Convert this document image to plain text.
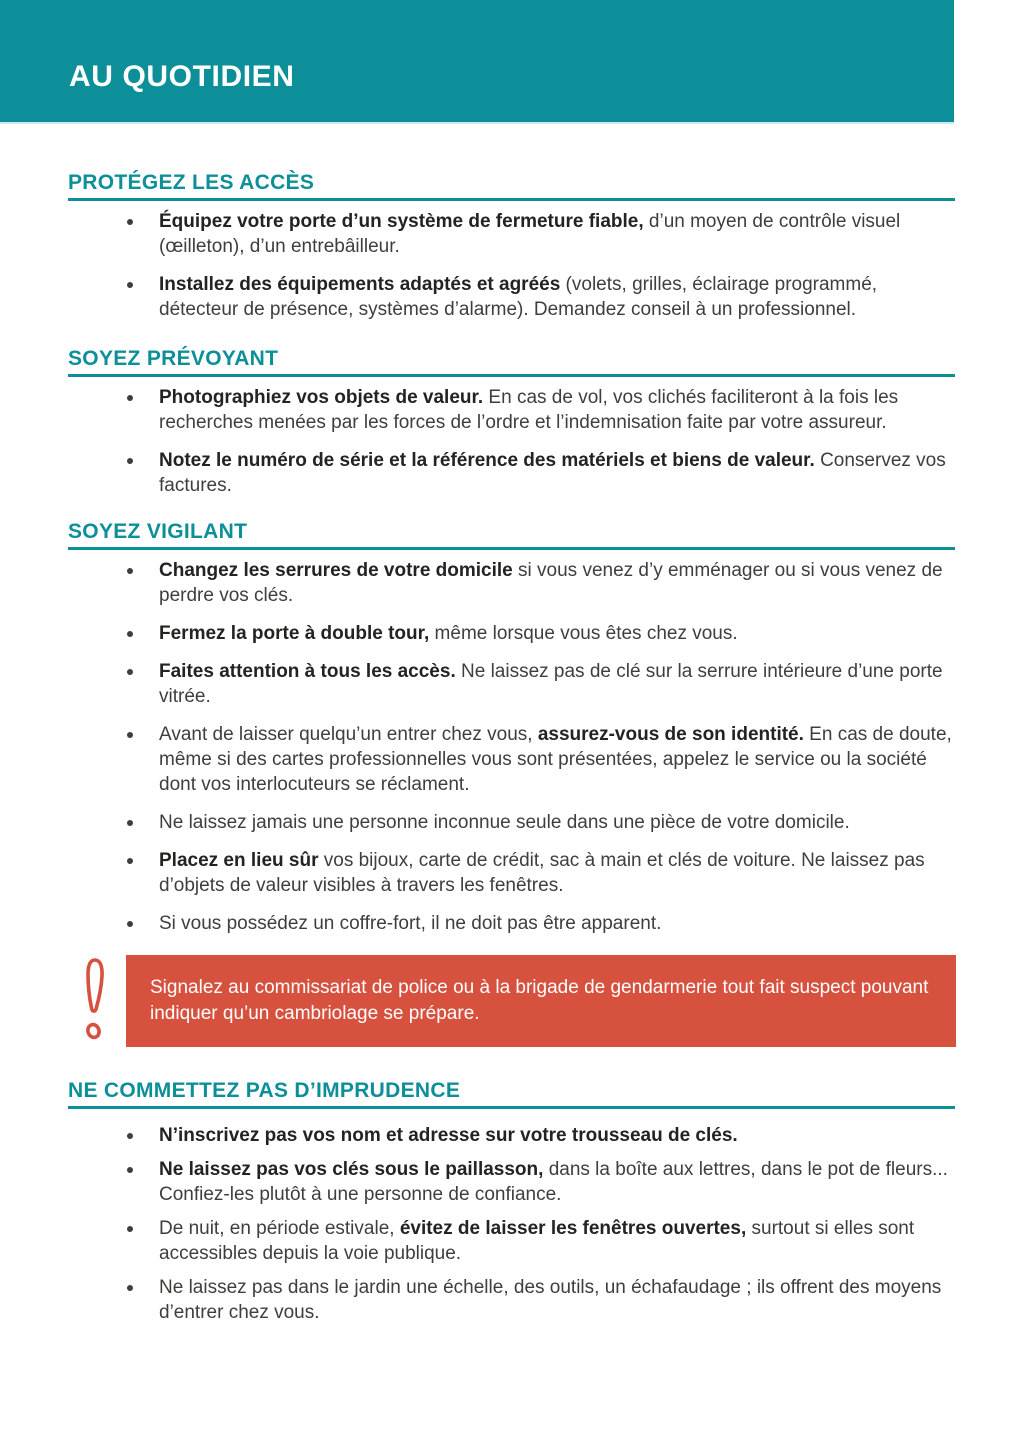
AU QUOTIDIEN
PROTÉGEZ LES ACCÈS
Équipez votre porte d’un système de fermeture fiable, d’un moyen de contrôle visuel (œilleton), d’un entrebâilleur.
Installez des équipements adaptés et agréés (volets, grilles, éclairage programmé, détecteur de présence, systèmes d’alarme). Demandez conseil à un professionnel.
SOYEZ PRÉVOYANT
Photographiez vos objets de valeur. En cas de vol, vos clichés faciliteront à la fois les recherches menées par les forces de l’ordre et l’indemnisation faite par votre assureur.
Notez le numéro de série et la référence des matériels et biens de valeur. Conservez vos factures.
SOYEZ VIGILANT
Changez les serrures de votre domicile si vous venez d’y emménager ou si vous venez de perdre vos clés.
Fermez la porte à double tour, même lorsque vous êtes chez vous.
Faites attention à tous les accès. Ne laissez pas de clé sur la serrure intérieure d’une porte vitrée.
Avant de laisser quelqu’un entrer chez vous, assurez-vous de son identité. En cas de doute, même si des cartes professionnelles vous sont présentées, appelez le service ou la société dont vos interlocuteurs se réclament.
Ne laissez jamais une personne inconnue seule dans une pièce de votre domicile.
Placez en lieu sûr vos bijoux, carte de crédit, sac à main et clés de voiture. Ne laissez pas d’objets de valeur visibles à travers les fenêtres.
Si vous possédez un coffre-fort, il ne doit pas être apparent.

Signalez au commissariat de police ou à la brigade de gendarmerie tout fait suspect pouvant indiquer qu’un cambriolage se prépare.

NE COMMETTEZ PAS D’IMPRUDENCE
N’inscrivez pas vos nom et adresse sur votre trousseau de clés.
Ne laissez pas vos clés sous le paillasson, dans la boîte aux lettres, dans le pot de fleurs... Confiez-les plutôt à une personne de confiance.
De nuit, en période estivale, évitez de laisser les fenêtres ouvertes, surtout si elles sont accessibles depuis la voie publique.
Ne laissez pas dans le jardin une échelle, des outils, un échafaudage ; ils offrent des moyens d’entrer chez vous.
